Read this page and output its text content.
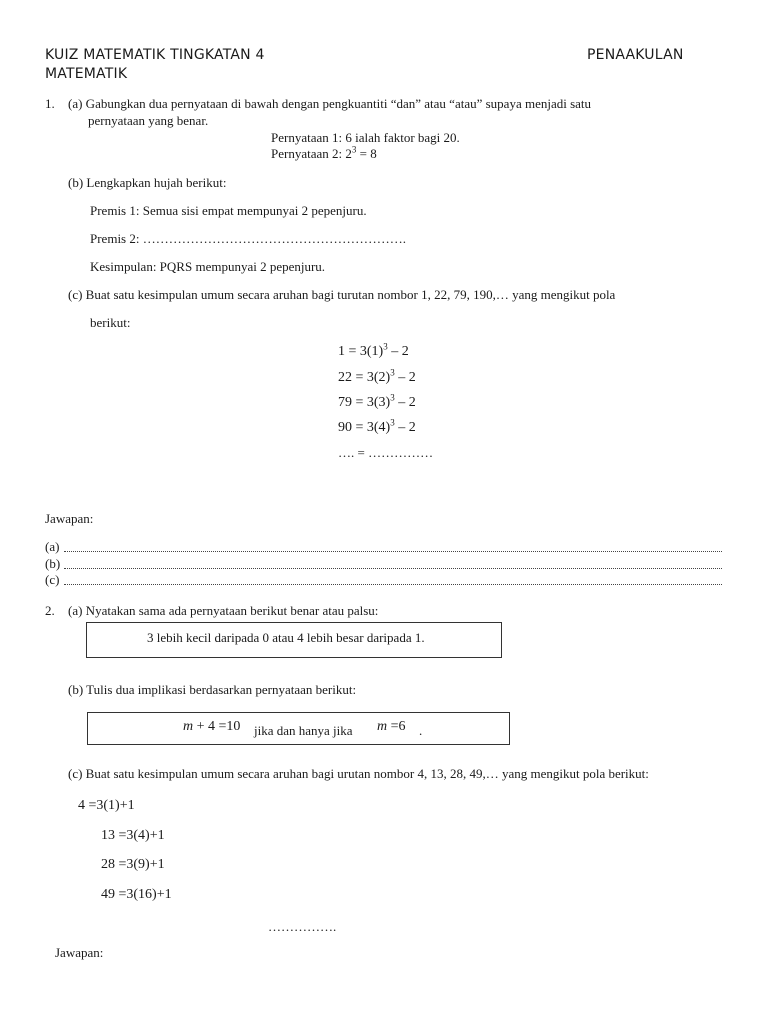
KUIZ MATEMATIK TINGKATAN 4	PENAAKULAN
MATEMATIK
1. (a) Gabungkan dua pernyataan di bawah dengan pengkuantiti “dan” atau “atau” supaya menjadi satu
pernyataan yang benar.
Pernyataan 1: 6 ialah faktor bagi 20.
Pernyataan 2: $2^3 = 8$
(b) Lengkapkan hujah berikut:
Premis 1: Semua sisi empat mempunyai 2 pepenjuru.
Premis 2: …………………………………………………….
Kesimpulan: PQRS mempunyai 2 pepenjuru.
(c) Buat satu kesimpulan umum secara aruhan bagi turutan nombor 1, 22, 79, 190,… yang mengikut pola
berikut:
$1 = 3(1)^3 - 2$
$22 = 3(2)^3 - 2$
$79 = 3(3)^3 - 2$
$90 = 3(4)^3 - 2$
…. = ……………
Jawapan:
(a)
(b)
(c)
2. (a) Nyatakan sama ada pernyataan berikut benar atau palsu:
3 lebih kecil daripada 0 atau 4 lebih besar daripada 1.
(b) Tulis dua implikasi berdasarkan pernyataan berikut:
m + 4 =10 jika dan hanya jika m =6 .
(c) Buat satu kesimpulan umum secara aruhan bagi urutan nombor 4, 13, 28, 49,… yang mengikut pola berikut:
4 =3(1)+1
13 =3(4)+1
28 =3(9)+1
49 =3(16)+1
…………….
Jawapan:
